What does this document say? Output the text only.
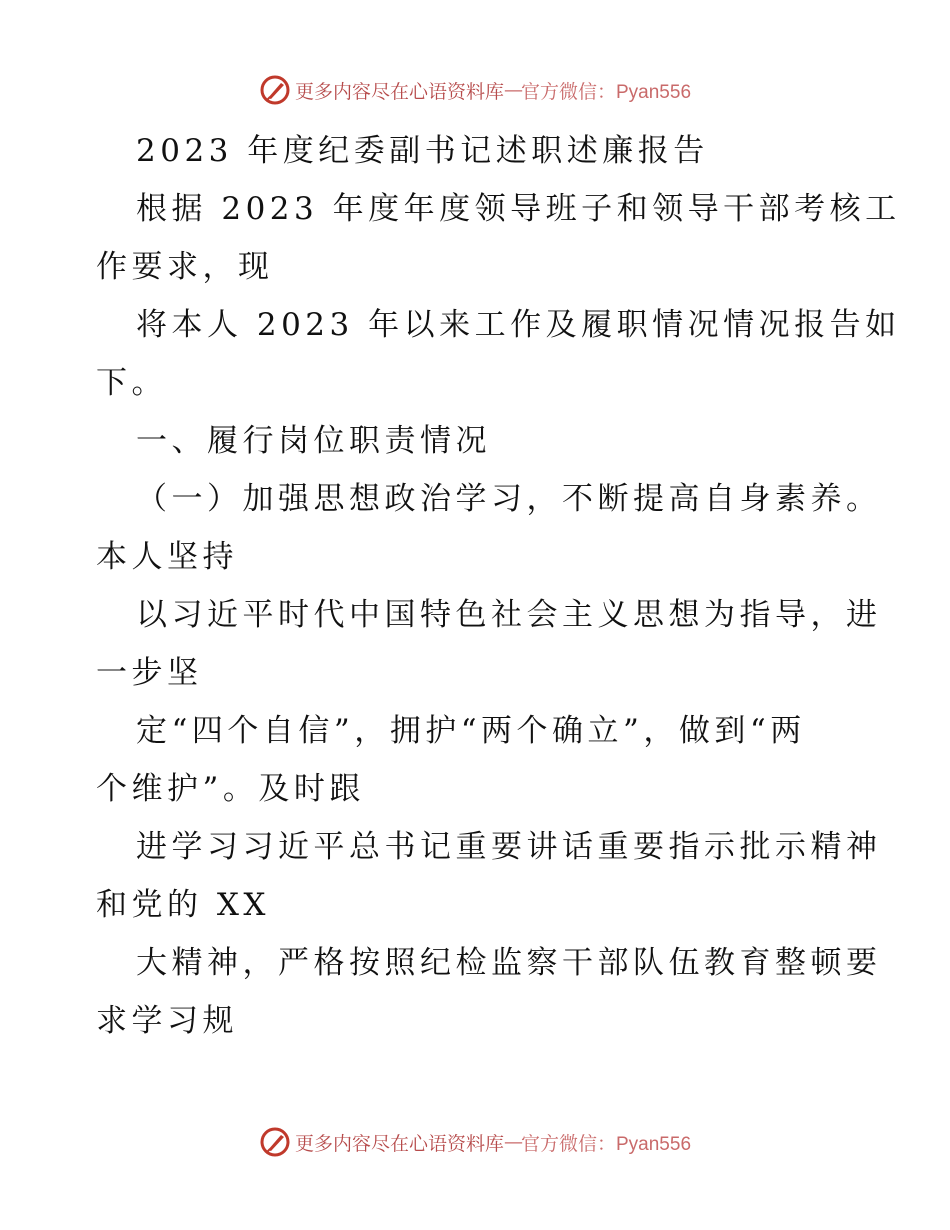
更多内容尽在心语资料库 — 官方微信：Pyan556
2023 年度纪委副书记述职述廉报告
根据 2023 年度年度领导班子和领导干部考核工
作要求，现
将本人 2023 年以来工作及履职情况情况报告如
下。
一、履行岗位职责情况
（一）加强思想政治学习，不断提高自身素养。
本人坚持
以习近平时代中国特色社会主义思想为指导，进
一步坚
定“四个自信”，拥护“两个确立”，做到“两
个维护”。及时跟
进学习习近平总书记重要讲话重要指示批示精神
和党的 XX
大精神，严格按照纪检监察干部队伍教育整顿要
求学习规
更多内容尽在心语资料库 — 官方微信：Pyan556
